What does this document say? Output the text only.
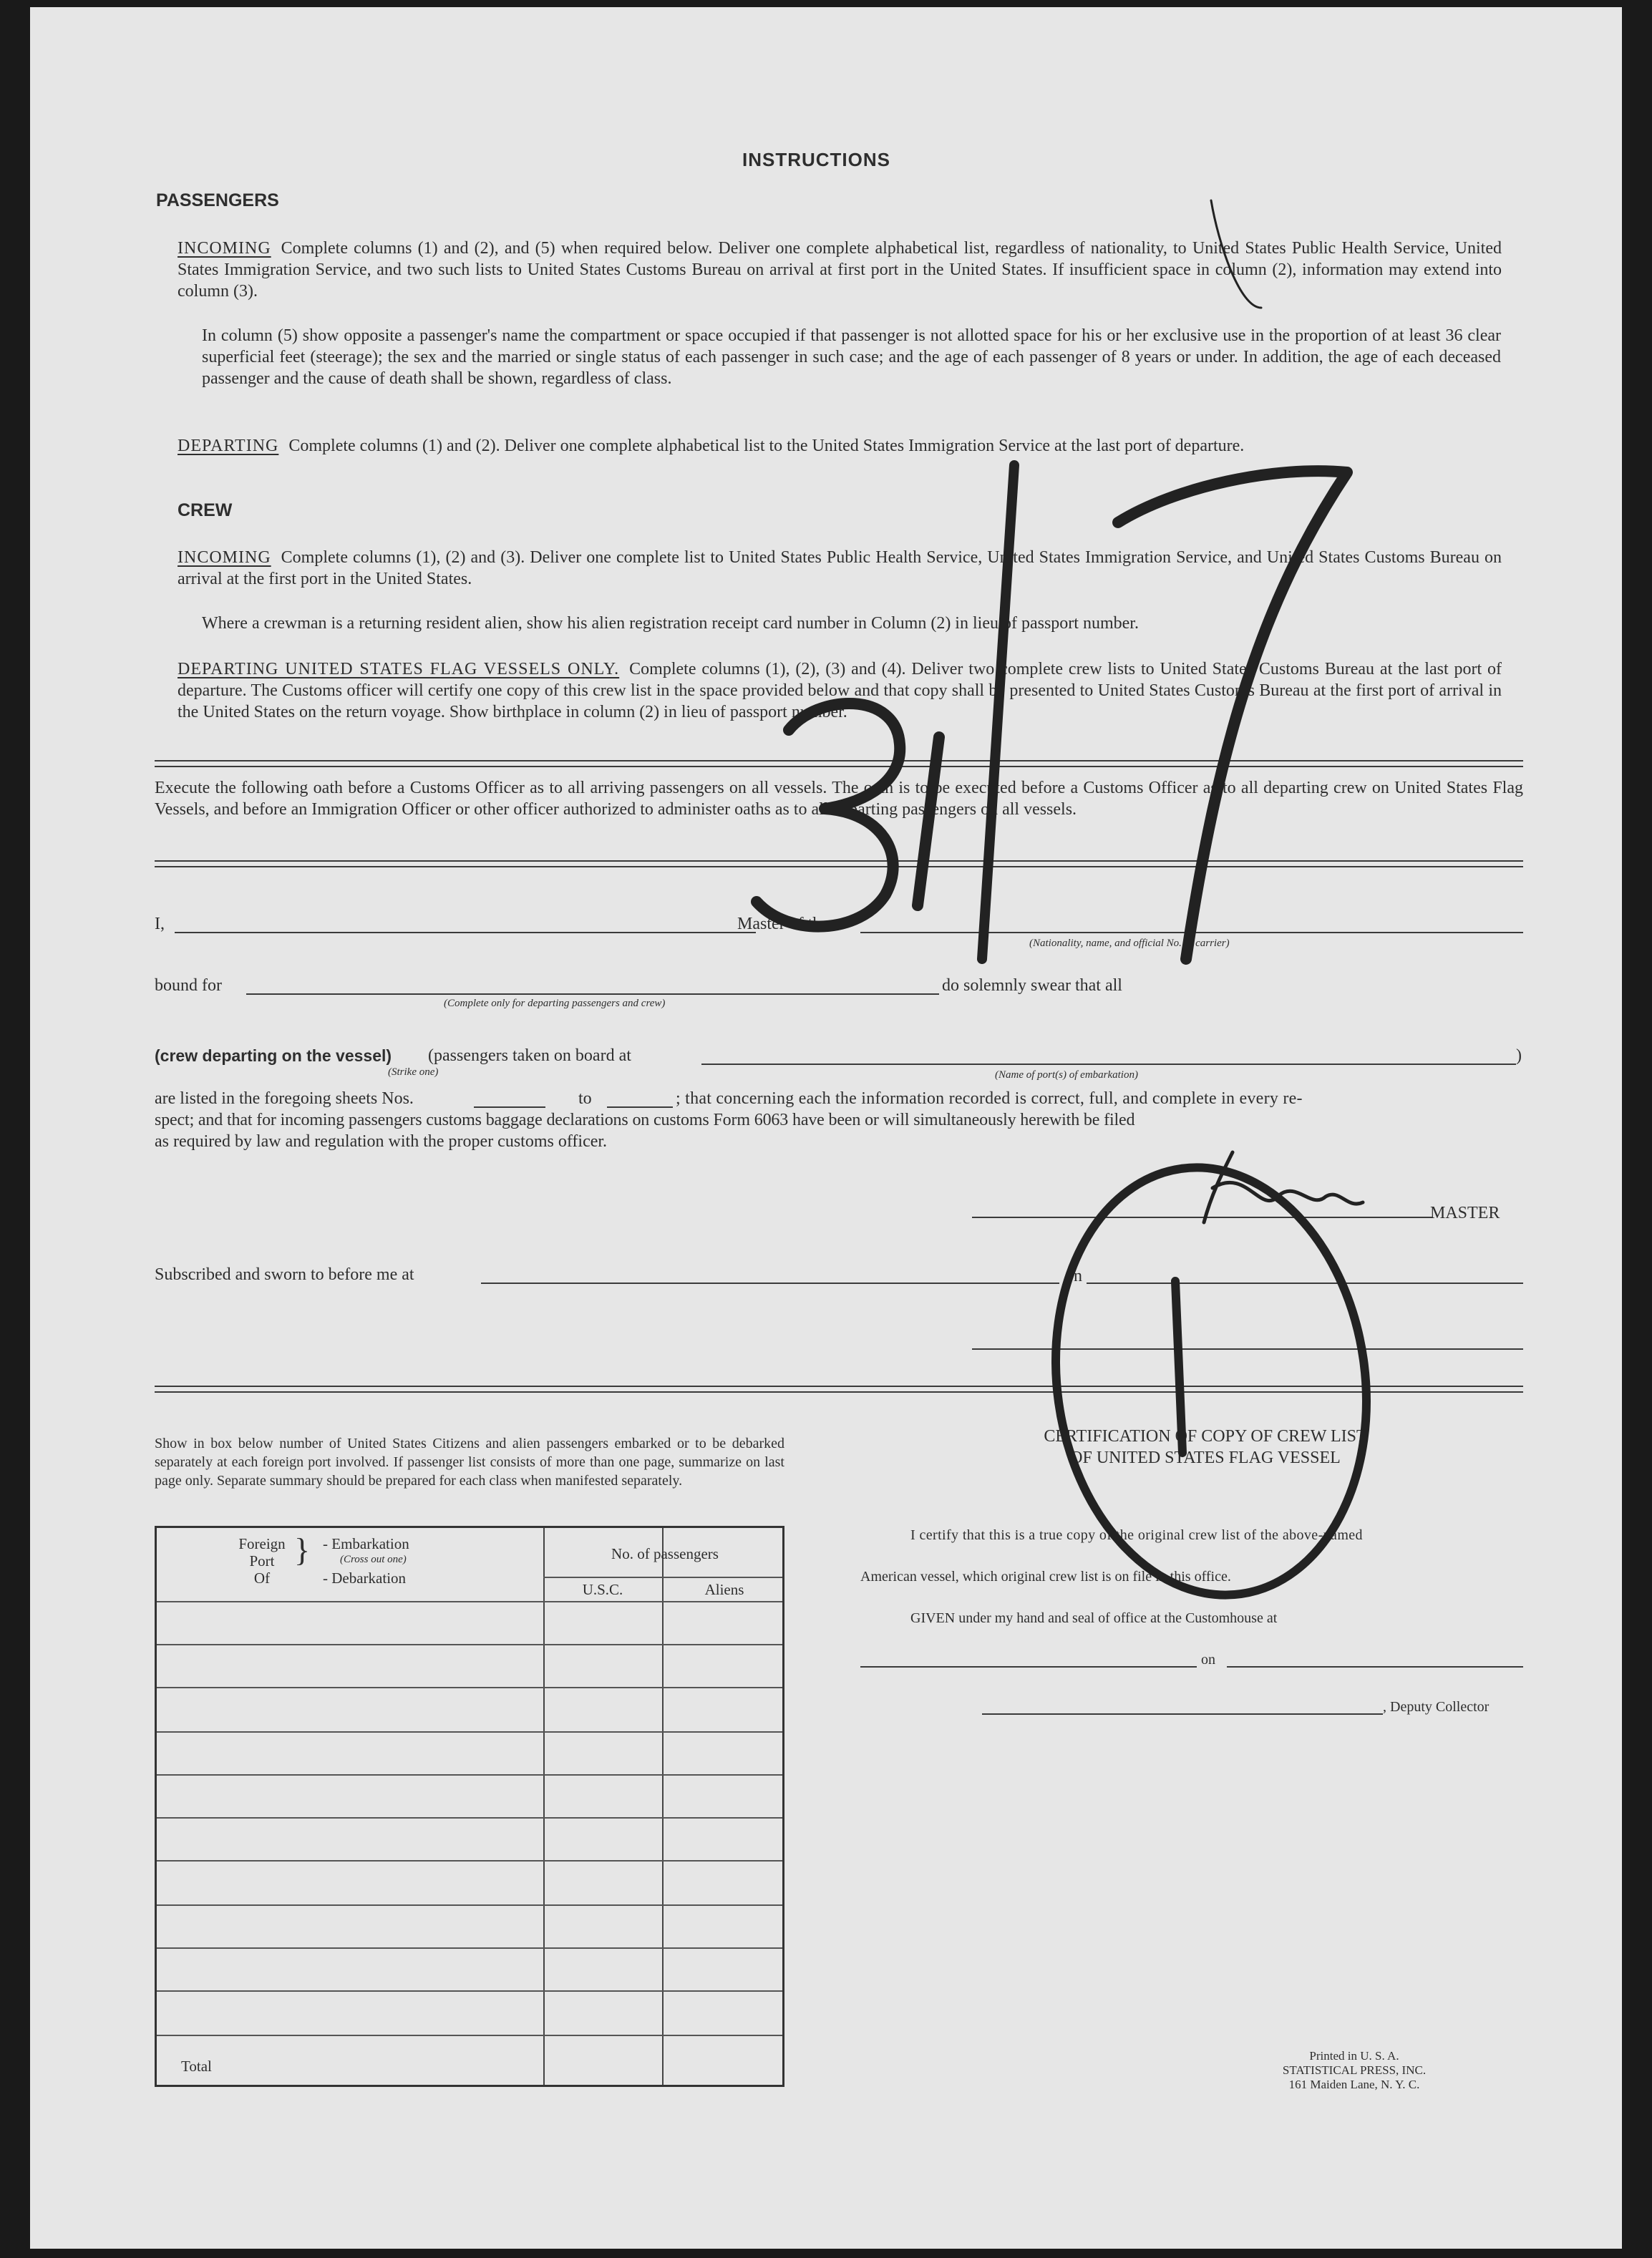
INSTRUCTIONS
PASSENGERS
INCOMING Complete columns (1) and (2), and (5) when required below. Deliver one complete alphabetical list, regardless of nationality, to United States Public Health Service, United States Immigration Service, and two such lists to United States Customs Bureau on arrival at first port in the United States. If insufficient space in column (2), information may extend into column (3).
In column (5) show opposite a passenger's name the compartment or space occupied if that passenger is not allotted space for his or her exclusive use in the proportion of at least 36 clear superficial feet (steerage); the sex and the married or single status of each passenger in such case; and the age of each passenger of 8 years or under. In addition, the age of each deceased passenger and the cause of death shall be shown, regardless of class.
DEPARTING Complete columns (1) and (2). Deliver one complete alphabetical list to the United States Immigration Service at the last port of departure.
CREW
INCOMING Complete columns (1), (2) and (3). Deliver one complete list to United States Public Health Service, United States Immigration Service, and United States Customs Bureau on arrival at the first port in the United States.
Where a crewman is a returning resident alien, show his alien registration receipt card number in Column (2) in lieu of passport number.
DEPARTING UNITED STATES FLAG VESSELS ONLY. Complete columns (1), (2), (3) and (4). Deliver two complete crew lists to United States Customs Bureau at the last port of departure. The Customs officer will certify one copy of this crew list in the space provided below and that copy shall be presented to United States Customs Bureau at the first port of arrival in the United States on the return voyage. Show birthplace in column (2) in lieu of passport number.
Execute the following oath before a Customs Officer as to all arriving passengers on all vessels. The oath is to be executed before a Customs Officer as to all departing crew on United States Flag Vessels, and before an Immigration Officer or other officer authorized to administer oaths as to all departing passengers on all vessels.
I,	Master of the
(Nationality, name, and official No. of carrier)
bound for
(Complete only for departing passengers and crew)
do solemnly swear that all
(crew departing on the vessel) (passengers taken on board at	)
(Strike one)	(Name of port(s) of embarkation)
are listed in the foregoing sheets Nos.	to	; that concerning each the information recorded is correct, full, and complete in every re-
spect; and that for incoming passengers customs baggage declarations on customs Form 6063 have been or will simultaneously herewith be filed
as required by law and regulation with the proper customs officer.
MASTER
Subscribed and sworn to before me at	on
Show in box below number of United States Citizens and alien passengers embarked or to be debarked separately at each foreign port involved. If passenger list consists of more than one page, summarize on last page only. Separate summary should be prepared for each class when manifested separately.
Foreign
Port
Of
} - Embarkation
(Cross out one)
- Debarkation
No. of passengers
U.S.C.	Aliens
Total
CERTIFICATION OF COPY OF CREW LIST
OF UNITED STATES FLAG VESSEL
I certify that this is a true copy of the original crew list of the above-named
American vessel, which original crew list is on file in this office.
GIVEN under my hand and seal of office at the Customhouse at
on
, Deputy Collector
Printed in U. S. A.
STATISTICAL PRESS, INC.
161 Maiden Lane, N. Y. C.
